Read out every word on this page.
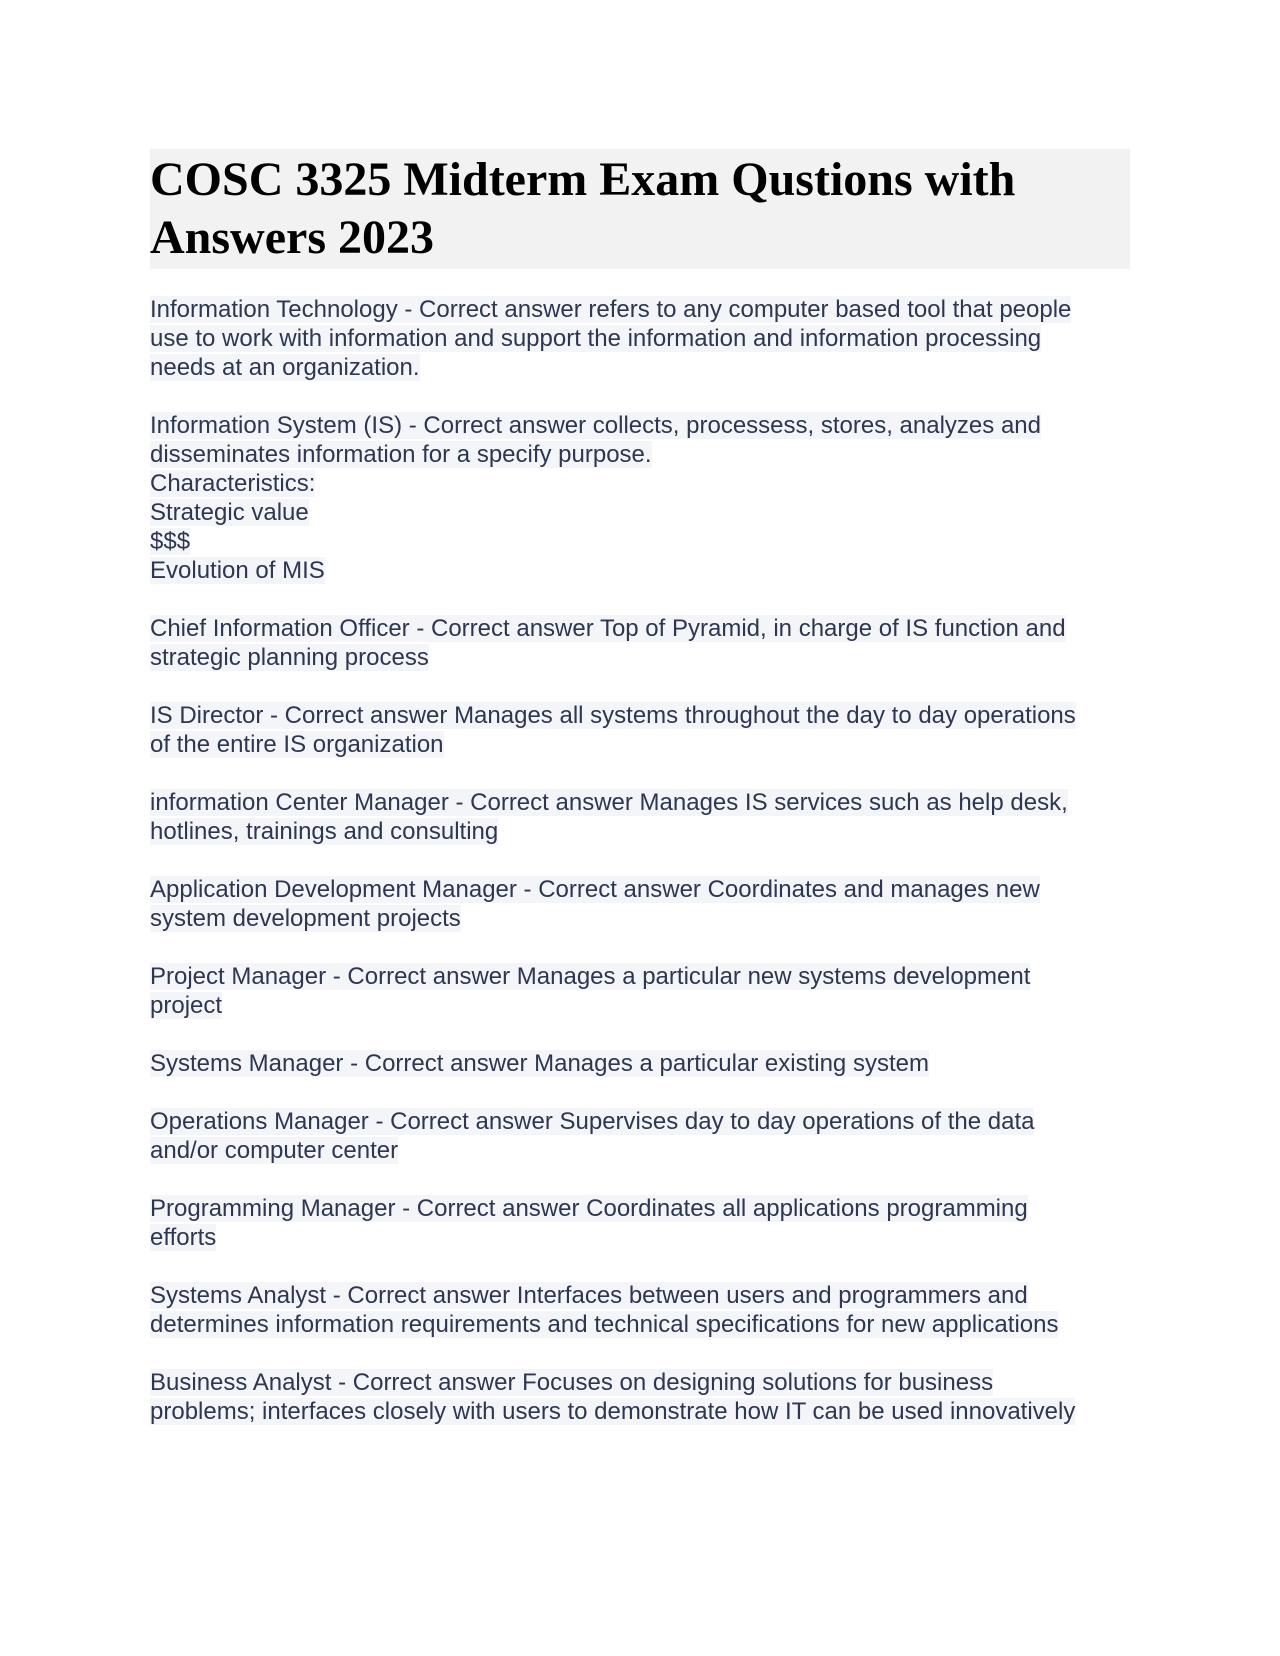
COSC 3325 Midterm Exam Qustions with
Answers 2023
Information Technology - Correct answer refers to any computer based tool that people
use to work with information and support the information and information processing
needs at an organization.
Information System (IS) - Correct answer collects, processess, stores, analyzes and
disseminates information for a specify purpose.
Characteristics:
Strategic value
$$$
Evolution of MIS
Chief Information Officer - Correct answer Top of Pyramid, in charge of IS function and
strategic planning process
IS Director - Correct answer Manages all systems throughout the day to day operations
of the entire IS organization
information Center Manager - Correct answer Manages IS services such as help desk,
hotlines, trainings and consulting
Application Development Manager - Correct answer Coordinates and manages new
system development projects
Project Manager - Correct answer Manages a particular new systems development
project
Systems Manager - Correct answer Manages a particular existing system
Operations Manager - Correct answer Supervises day to day operations of the data
and/or computer center
Programming Manager - Correct answer Coordinates all applications programming
efforts
Systems Analyst - Correct answer Interfaces between users and programmers and
determines information requirements and technical specifications for new applications
Business Analyst - Correct answer Focuses on designing solutions for business
problems; interfaces closely with users to demonstrate how IT can be used innovatively
